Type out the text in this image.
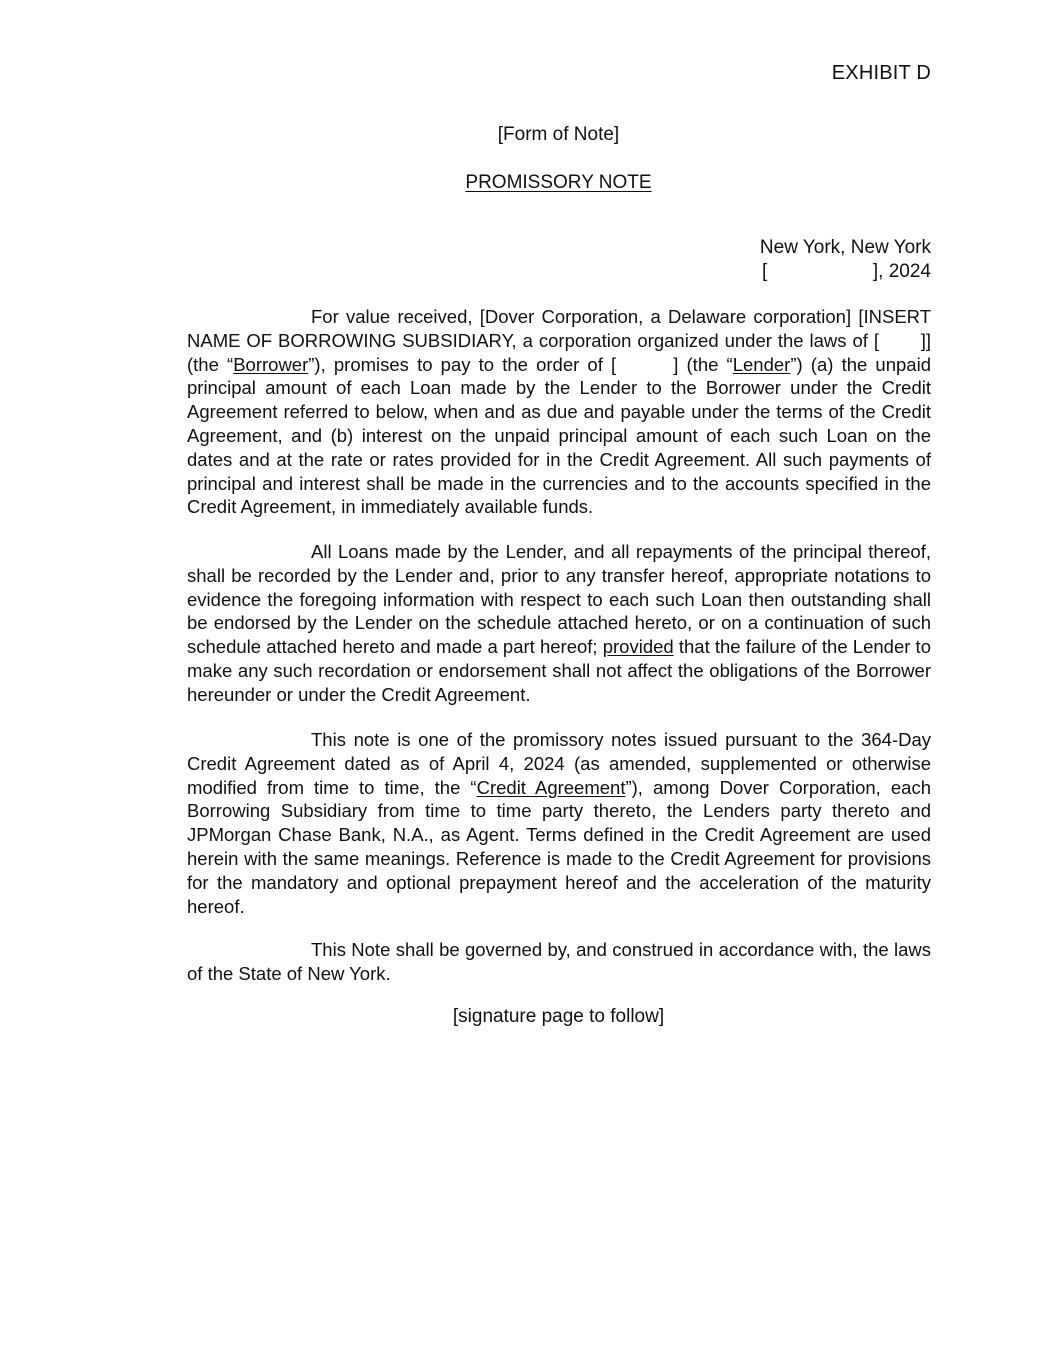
EXHIBIT D
[Form of Note]
PROMISSORY NOTE
New York, New York
[	], 2024

For value received, [Dover Corporation, a Delaware corporation] [INSERT NAME OF BORROWING SUBSIDIARY, a corporation organized under the laws of [ ]] (the “Borrower”), promises to pay to the order of [	] (the “Lender”) (a) the unpaid principal amount of each Loan made by the Lender to the Borrower under the Credit Agreement referred to below, when and as due and payable under the terms of the Credit Agreement, and (b) interest on the unpaid principal amount of each such Loan on the dates and at the rate or rates provided for in the Credit Agreement. All such payments of principal and interest shall be made in the currencies and to the accounts specified in the Credit Agreement, in immediately available funds.

All Loans made by the Lender, and all repayments of the principal thereof, shall be recorded by the Lender and, prior to any transfer hereof, appropriate notations to evidence the foregoing information with respect to each such Loan then outstanding shall be endorsed by the Lender on the schedule attached hereto, or on a continuation of such schedule attached hereto and made a part hereof; provided that the failure of the Lender to make any such recordation or endorsement shall not affect the obligations of the Borrower hereunder or under the Credit Agreement.

This note is one of the promissory notes issued pursuant to the 364-Day Credit Agreement dated as of April 4, 2024 (as amended, supplemented or otherwise modified from time to time, the “Credit Agreement”), among Dover Corporation, each Borrowing Subsidiary from time to time party thereto, the Lenders party thereto and JPMorgan Chase Bank, N.A., as Agent. Terms defined in the Credit Agreement are used herein with the same meanings. Reference is made to the Credit Agreement for provisions for the mandatory and optional prepayment hereof and the acceleration of the maturity hereof.

This Note shall be governed by, and construed in accordance with, the laws of the State of New York.

[signature page to follow]
